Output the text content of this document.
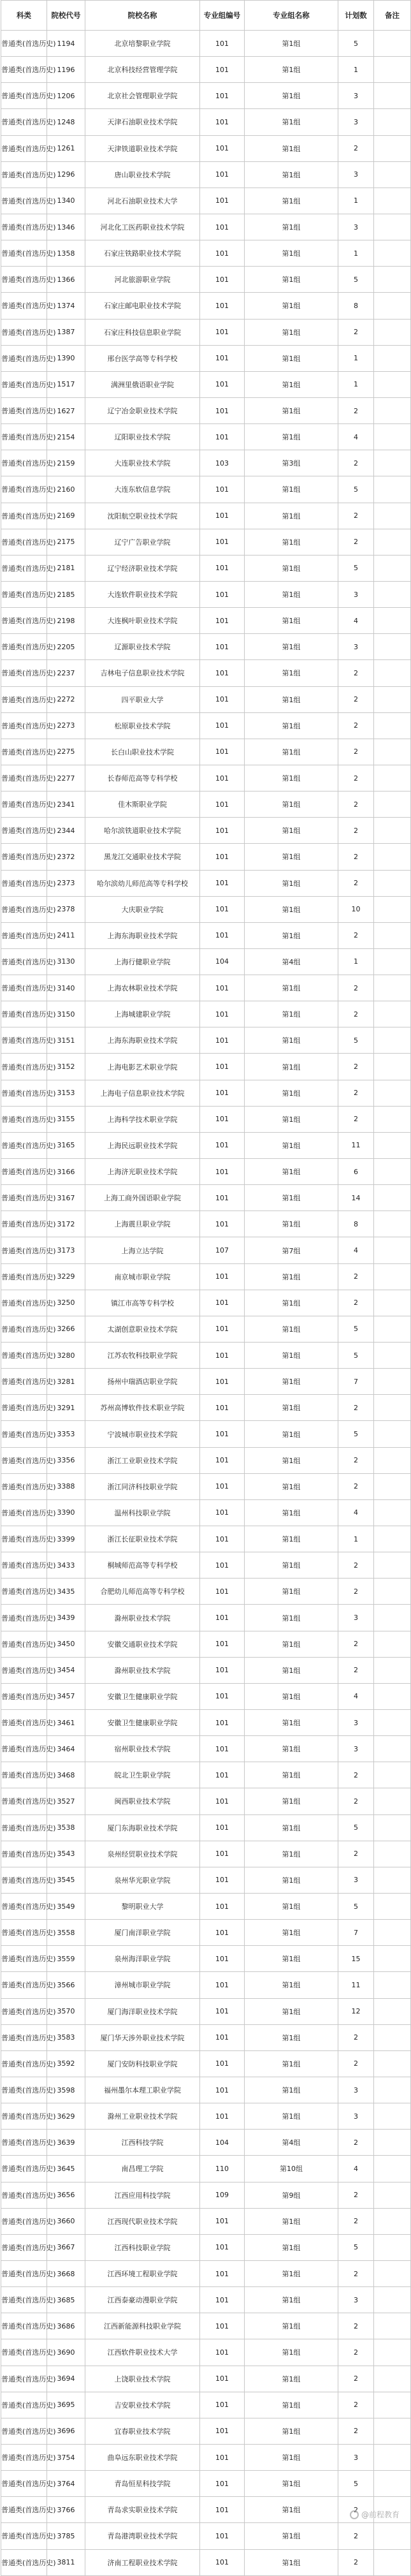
科类	院校代号	院校名称	专业组编号	专业组名称	计划数	备注
普通类(首选历史)	1194	北京培黎职业学院	101	第1组	5	
普通类(首选历史)	1196	北京科技经营管理学院	101	第1组	1	
普通类(首选历史)	1206	北京社会管理职业学院	101	第1组	3	
普通类(首选历史)	1248	天津石油职业技术学院	101	第1组	3	
普通类(首选历史)	1261	天津铁道职业技术学院	101	第1组	2	
普通类(首选历史)	1296	唐山职业技术学院	101	第1组	3	
普通类(首选历史)	1340	河北石油职业技术大学	101	第1组	1	
普通类(首选历史)	1346	河北化工医药职业技术学院	101	第1组	3	
普通类(首选历史)	1358	石家庄铁路职业技术学院	101	第1组	1	
普通类(首选历史)	1366	河北旅游职业学院	101	第1组	5	
普通类(首选历史)	1374	石家庄邮电职业技术学院	101	第1组	8	
普通类(首选历史)	1387	石家庄科技信息职业学院	101	第1组	2	
普通类(首选历史)	1390	邢台医学高等专科学校	101	第1组	1	
普通类(首选历史)	1517	满洲里俄语职业学院	101	第1组	1	
普通类(首选历史)	1627	辽宁冶金职业技术学院	101	第1组	2	
普通类(首选历史)	2154	辽阳职业技术学院	101	第1组	4	
普通类(首选历史)	2159	大连职业技术学院	103	第3组	2	
普通类(首选历史)	2160	大连东软信息学院	101	第1组	5	
普通类(首选历史)	2169	沈阳航空职业技术学院	101	第1组	2	
普通类(首选历史)	2175	辽宁广告职业学院	101	第1组	2	
普通类(首选历史)	2181	辽宁经济职业技术学院	101	第1组	5	
普通类(首选历史)	2185	大连软件职业技术学院	101	第1组	3	
普通类(首选历史)	2198	大连枫叶职业技术学院	101	第1组	4	
普通类(首选历史)	2205	辽源职业技术学院	101	第1组	3	
普通类(首选历史)	2237	吉林电子信息职业技术学院	101	第1组	2	
普通类(首选历史)	2272	四平职业大学	101	第1组	2	
普通类(首选历史)	2273	松原职业技术学院	101	第1组	2	
普通类(首选历史)	2275	长白山职业技术学院	101	第1组	2	
普通类(首选历史)	2277	长春师范高等专科学校	101	第1组	2	
普通类(首选历史)	2341	佳木斯职业学院	101	第1组	2	
普通类(首选历史)	2344	哈尔滨铁道职业技术学院	101	第1组	2	
普通类(首选历史)	2372	黑龙江交通职业技术学院	101	第1组	2	
普通类(首选历史)	2373	哈尔滨幼儿师范高等专科学校	101	第1组	2	
普通类(首选历史)	2378	大庆职业学院	101	第1组	10	
普通类(首选历史)	2411	上海东海职业技术学院	101	第1组	2	
普通类(首选历史)	3130	上海行健职业学院	104	第4组	1	
普通类(首选历史)	3140	上海农林职业技术学院	101	第1组	2	
普通类(首选历史)	3150	上海城建职业学院	101	第1组	2	
普通类(首选历史)	3151	上海东海职业技术学院	101	第1组	5	
普通类(首选历史)	3152	上海电影艺术职业学院	101	第1组	2	
普通类(首选历史)	3153	上海电子信息职业技术学院	101	第1组	2	
普通类(首选历史)	3155	上海科学技术职业学院	101	第1组	2	
普通类(首选历史)	3165	上海民远职业技术学院	101	第1组	11	
普通类(首选历史)	3166	上海济光职业技术学院	101	第1组	6	
普通类(首选历史)	3167	上海工商外国语职业学院	101	第1组	14	
普通类(首选历史)	3172	上海震旦职业学院	101	第1组	8	
普通类(首选历史)	3173	上海立达学院	107	第7组	4	
普通类(首选历史)	3229	南京城市职业学院	101	第1组	2	
普通类(首选历史)	3250	镇江市高等专科学校	101	第1组	2	
普通类(首选历史)	3266	太湖创意职业技术学院	101	第1组	5	
普通类(首选历史)	3280	江苏农牧科技职业学院	101	第1组	5	
普通类(首选历史)	3281	扬州中瑞酒店职业学院	101	第1组	7	
普通类(首选历史)	3291	苏州高博软件技术职业学院	101	第1组	2	
普通类(首选历史)	3353	宁波城市职业技术学院	101	第1组	5	
普通类(首选历史)	3356	浙江工业职业技术学院	101	第1组	2	
普通类(首选历史)	3388	浙江同济科技职业学院	101	第1组	2	
普通类(首选历史)	3390	温州科技职业学院	101	第1组	4	
普通类(首选历史)	3399	浙江长征职业技术学院	101	第1组	1	
普通类(首选历史)	3433	桐城师范高等专科学校	101	第1组	2	
普通类(首选历史)	3435	合肥幼儿师范高等专科学校	101	第1组	2	
普通类(首选历史)	3439	滁州职业技术学院	101	第1组	3	
普通类(首选历史)	3450	安徽交通职业技术学院	101	第1组	2	
普通类(首选历史)	3454	滁州职业技术学院	101	第1组	2	
普通类(首选历史)	3457	安徽卫生健康职业学院	101	第1组	4	
普通类(首选历史)	3461	安徽卫生健康职业学院	101	第1组	3	
普通类(首选历史)	3464	宿州职业技术学院	101	第1组	3	
普通类(首选历史)	3468	皖北卫生职业学院	101	第1组	2	
普通类(首选历史)	3527	闽西职业技术学院	101	第1组	2	
普通类(首选历史)	3538	厦门东海职业技术学院	101	第1组	5	
普通类(首选历史)	3543	泉州经贸职业技术学院	101	第1组	2	
普通类(首选历史)	3545	泉州华光职业学院	101	第1组	3	
普通类(首选历史)	3549	黎明职业大学	101	第1组	5	
普通类(首选历史)	3558	厦门南洋职业学院	101	第1组	7	
普通类(首选历史)	3559	泉州海洋职业学院	101	第1组	15	
普通类(首选历史)	3566	漳州城市职业学院	101	第1组	11	
普通类(首选历史)	3570	厦门海洋职业技术学院	101	第1组	12	
普通类(首选历史)	3583	厦门华天涉外职业技术学院	101	第1组	2	
普通类(首选历史)	3592	厦门安防科技职业学院	101	第1组	2	
普通类(首选历史)	3598	福州墨尔本理工职业学院	101	第1组	3	
普通类(首选历史)	3629	滁州工业职业技术学院	101	第1组	3	
普通类(首选历史)	3639	江西科技学院	104	第4组	2	
普通类(首选历史)	3645	南昌理工学院	110	第10组	4	
普通类(首选历史)	3656	江西应用科技学院	109	第9组	2	
普通类(首选历史)	3660	江西现代职业技术学院	101	第1组	2	
普通类(首选历史)	3667	江西科技职业学院	101	第1组	5	
普通类(首选历史)	3668	江西环境工程职业学院	101	第1组	2	
普通类(首选历史)	3685	江西泰豪动漫职业学院	101	第1组	3	
普通类(首选历史)	3686	江西新能源科技职业学院	101	第1组	2	
普通类(首选历史)	3690	江西软件职业技术大学	101	第1组	2	
普通类(首选历史)	3694	上饶职业技术学院	101	第1组	2	
普通类(首选历史)	3695	吉安职业技术学院	101	第1组	2	
普通类(首选历史)	3696	宜春职业技术学院	101	第1组	2	
普通类(首选历史)	3754	曲阜远东职业技术学院	101	第1组	3	
普通类(首选历史)	3764	青岛恒星科技学院	101	第1组	5	
普通类(首选历史)	3766	青岛求实职业技术学院	101	第1组	2	
普通类(首选历史)	3785	青岛港湾职业技术学院	101	第1组	2	
普通类(首选历史)	3811	济南工程职业技术学院	101	第1组	2	
@前程教育
